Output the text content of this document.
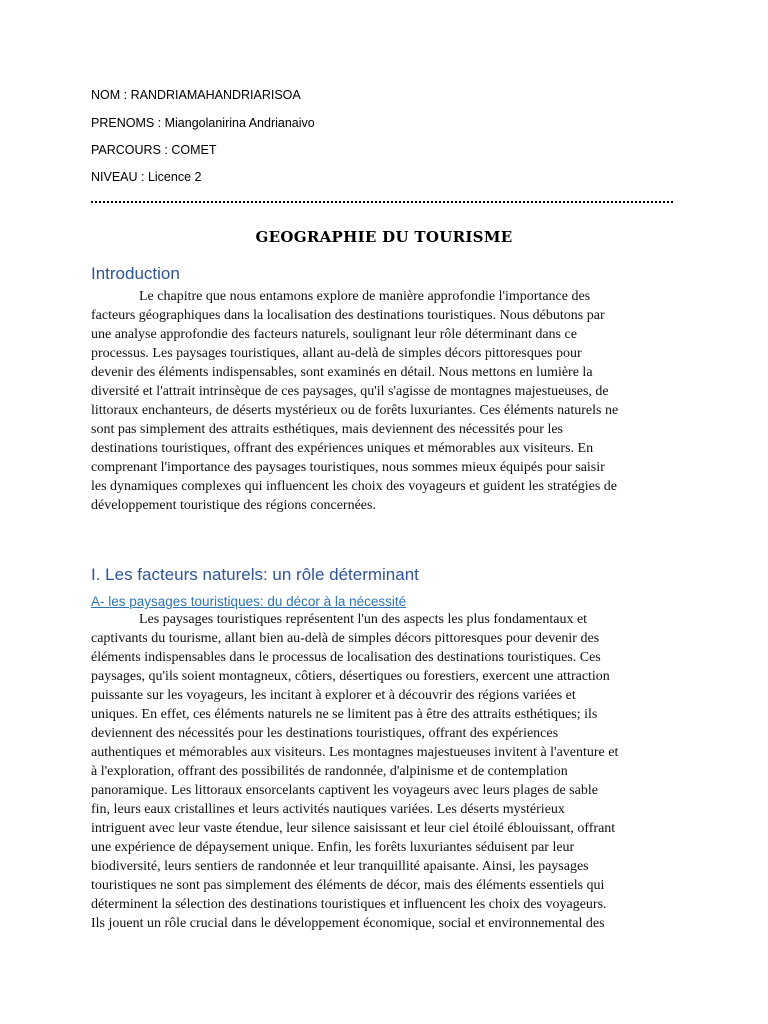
NOM : RANDRIAMAHANDRIARISOA
PRENOMS : Miangolanirina Andrianaivo
PARCOURS : COMET
NIVEAU : Licence 2
GEOGRAPHIE DU TOURISME
Introduction
Le chapitre que nous entamons explore de manière approfondie l'importance des
facteurs géographiques dans la localisation des destinations touristiques. Nous débutons par
une analyse approfondie des facteurs naturels, soulignant leur rôle déterminant dans ce
processus. Les paysages touristiques, allant au-delà de simples décors pittoresques pour
devenir des éléments indispensables, sont examinés en détail. Nous mettons en lumière la
diversité et l'attrait intrinsèque de ces paysages, qu'il s'agisse de montagnes majestueuses, de
littoraux enchanteurs, de déserts mystérieux ou de forêts luxuriantes. Ces éléments naturels ne
sont pas simplement des attraits esthétiques, mais deviennent des nécessités pour les
destinations touristiques, offrant des expériences uniques et mémorables aux visiteurs. En
comprenant l'importance des paysages touristiques, nous sommes mieux équipés pour saisir
les dynamiques complexes qui influencent les choix des voyageurs et guident les stratégies de
développement touristique des régions concernées.
I. Les facteurs naturels: un rôle déterminant
A- les paysages touristiques: du décor à la nécessité
Les paysages touristiques représentent l'un des aspects les plus fondamentaux et
captivants du tourisme, allant bien au-delà de simples décors pittoresques pour devenir des
éléments indispensables dans le processus de localisation des destinations touristiques. Ces
paysages, qu'ils soient montagneux, côtiers, désertiques ou forestiers, exercent une attraction
puissante sur les voyageurs, les incitant à explorer et à découvrir des régions variées et
uniques. En effet, ces éléments naturels ne se limitent pas à être des attraits esthétiques; ils
deviennent des nécessités pour les destinations touristiques, offrant des expériences
authentiques et mémorables aux visiteurs. Les montagnes majestueuses invitent à l'aventure et
à l'exploration, offrant des possibilités de randonnée, d'alpinisme et de contemplation
panoramique. Les littoraux ensorcelants captivent les voyageurs avec leurs plages de sable
fin, leurs eaux cristallines et leurs activités nautiques variées. Les déserts mystérieux
intriguent avec leur vaste étendue, leur silence saisissant et leur ciel étoilé éblouissant, offrant
une expérience de dépaysement unique. Enfin, les forêts luxuriantes séduisent par leur
biodiversité, leurs sentiers de randonnée et leur tranquillité apaisante. Ainsi, les paysages
touristiques ne sont pas simplement des éléments de décor, mais des éléments essentiels qui
déterminent la sélection des destinations touristiques et influencent les choix des voyageurs.
Ils jouent un rôle crucial dans le développement économique, social et environnemental des
